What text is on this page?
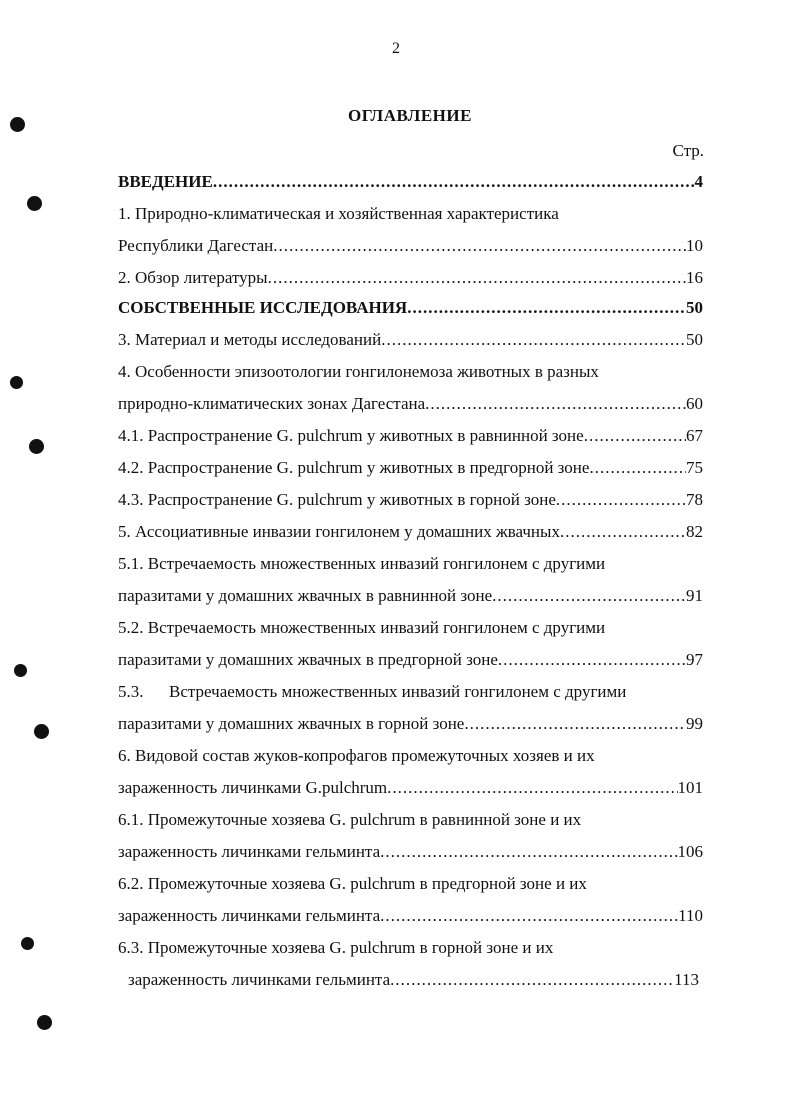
2
ОГЛАВЛЕНИЕ
Стр.
ВВЕДЕНИЕ .....	4
1. Природно-климатическая и хозяйственная характеристика
Республики Дагестан .....	10
2. Обзор литературы .....	16
СОБСТВЕННЫЕ ИССЛЕДОВАНИЯ .....	50
3. Материал и методы исследований .....	50
4. Особенности эпизоотологии гонгилонемоза животных в разных
природно-климатических зонах Дагестана .....	60
4.1. Распространение G. pulchrum у животных в равнинной зоне .....	67
4.2. Распространение G. pulchrum у животных в предгорной зоне .....	75
4.3. Распространение G. pulchrum у животных в горной зоне .....	78
5. Ассоциативные инвазии гонгилонем у домашних жвачных .....	82
5.1. Встречаемость множественных инвазий гонгилонем с другими
паразитами у домашних жвачных в равнинной зоне .....	91
5.2. Встречаемость множественных инвазий гонгилонем с другими
паразитами у домашних жвачных в предгорной зоне .....	97
5.3.      Встречаемость множественных инвазий гонгилонем с другими
паразитами у домашних жвачных в горной зоне .....	99
6. Видовой состав жуков-копрофагов промежуточных хозяев и их
зараженность личинками G.pulchrum .....	101
6.1. Промежуточные хозяева G. pulchrum в равнинной зоне и их
зараженность личинками гельминта .....	106
6.2. Промежуточные хозяева G. pulchrum в предгорной зоне и их
зараженность личинками гельминта .....	110
6.3. Промежуточные хозяева G. pulchrum в горной зоне и их
зараженность личинками гельминта .....	113
